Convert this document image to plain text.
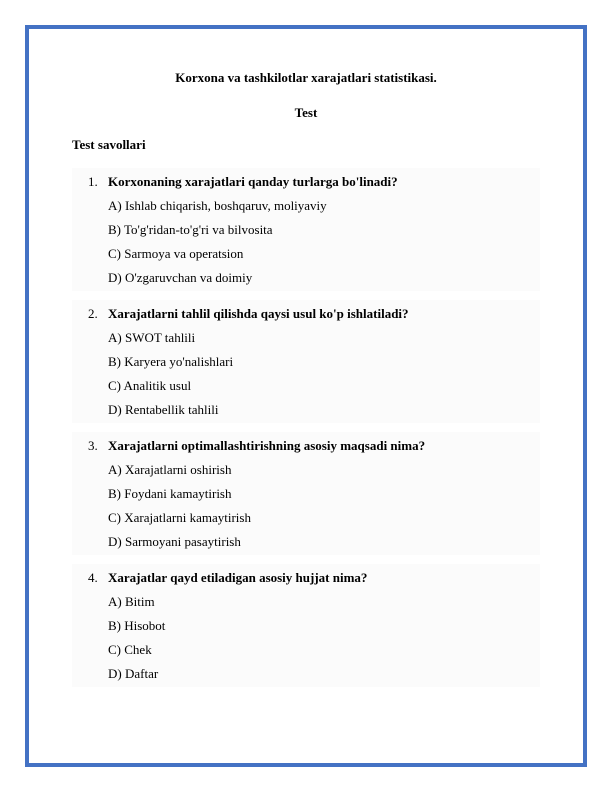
Korxona va tashkilotlar xarajatlari statistikasi.
Test
Test savollari
1. Korxonaning xarajatlari qanday turlarga bo'linadi?
A) Ishlab chiqarish, boshqaruv, moliyaviy
B) To'g'ridan-to'g'ri va bilvosita
C) Sarmoya va operatsion
D) O'zgaruvchan va doimiy
2. Xarajatlarni tahlil qilishda qaysi usul ko'p ishlatiladi?
A) SWOT tahlili
B) Karyera yo'nalishlari
C) Analitik usul
D) Rentabellik tahlili
3. Xarajatlarni optimallashtirishning asosiy maqsadi nima?
A) Xarajatlarni oshirish
B) Foydani kamaytirish
C) Xarajatlarni kamaytirish
D) Sarmoyani pasaytirish
4. Xarajatlar qayd etiladigan asosiy hujjat nima?
A) Bitim
B) Hisobot
C) Chek
D) Daftar
